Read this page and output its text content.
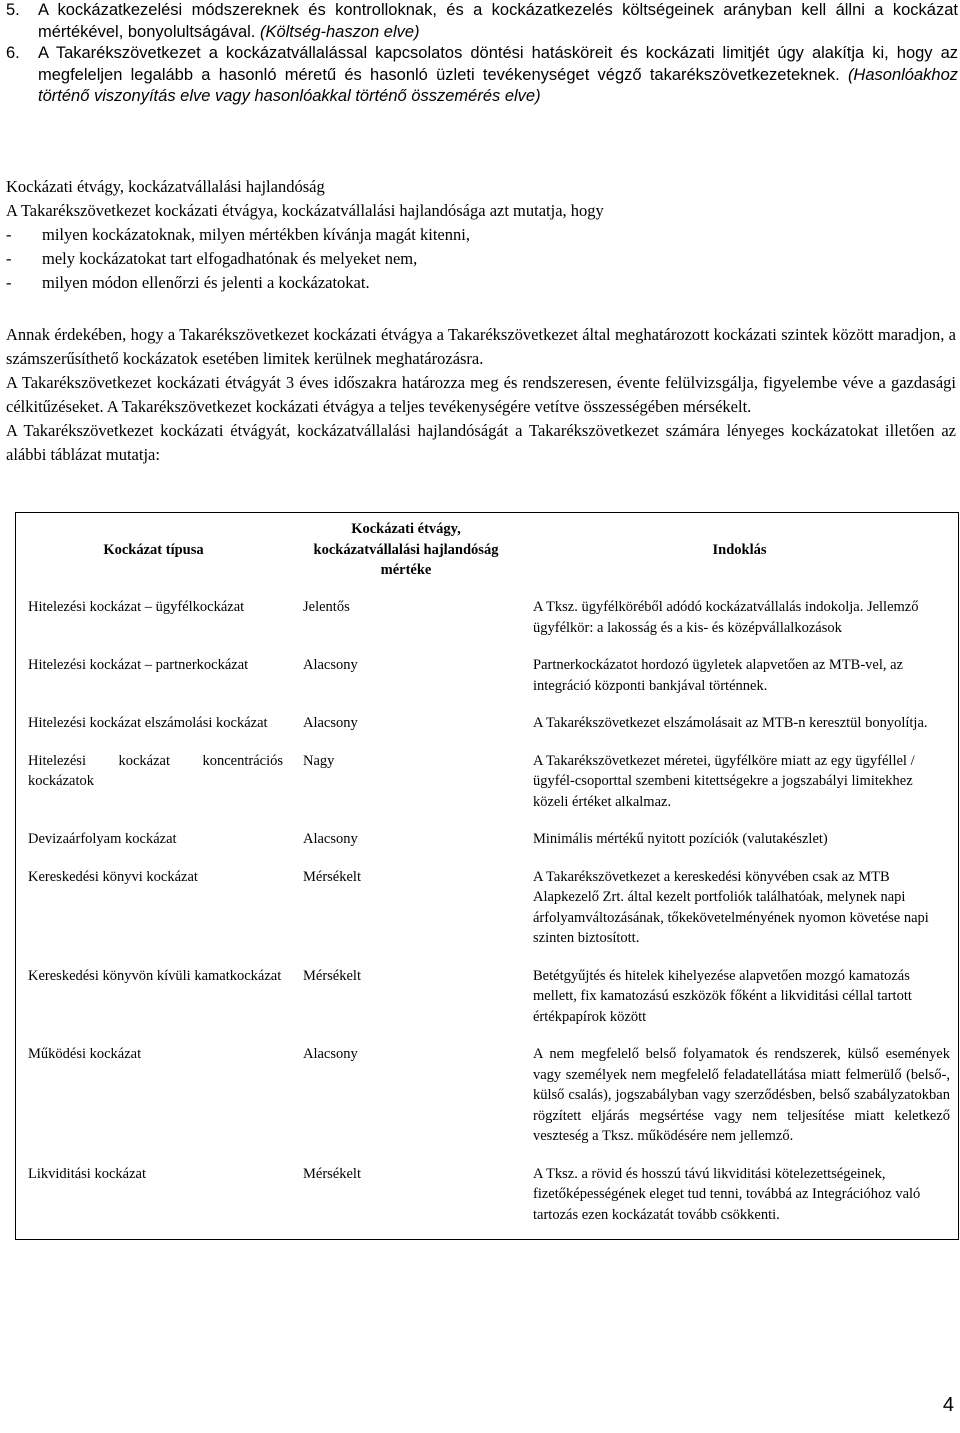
5.	A kockázatkezelési módszereknek és kontrolloknak, és a kockázatkezelés költségeinek arányban kell állni a kockázat mértékével, bonyolultságával. (Költség-haszon elve)
6.	A Takarékszövetkezet a kockázatvállalással kapcsolatos döntési hatásköreit és kockázati limitjét úgy alakítja ki, hogy az megfeleljen legalább a hasonló méretű és hasonló üzleti tevékenységet végző takarékszövetkezeteknek. (Hasonlóakhoz történő viszonyítás elve vagy hasonlóakkal történő összemérés elve)
Kockázati étvágy, kockázatvállalási hajlandóság
A Takarékszövetkezet kockázati étvágya, kockázatvállalási hajlandósága azt mutatja, hogy
-	milyen kockázatoknak, milyen mértékben kívánja magát kitenni,
-	mely kockázatokat tart elfogadhatónak és melyeket nem,
-	milyen módon ellenőrzi és jelenti a kockázatokat.
Annak érdekében, hogy a Takarékszövetkezet kockázati étvágya a Takarékszövetkezet által meghatározott kockázati szintek között maradjon, a számszerűsíthető kockázatok esetében limitek kerülnek meghatározásra.
A Takarékszövetkezet kockázati étvágyát 3 éves időszakra határozza meg és rendszeresen, évente felülvizsgálja, figyelembe véve a gazdasági célkitűzéseket. A Takarékszövetkezet kockázati étvágya a teljes tevékenységére vetítve összességében mérsékelt.
A Takarékszövetkezet kockázati étvágyát, kockázatvállalási hajlandóságát a Takarékszövetkezet számára lényeges kockázatokat illetően az alábbi táblázat mutatja:
Kockázat típusa	Kockázati étvágy, kockázatvállalási hajlandóság mértéke	Indoklás
Hitelezési kockázat – ügyfélkockázat	Jelentős	A Tksz. ügyfélköréből adódó kockázatvállalás indokolja. Jellemző ügyfélkör: a lakosság és a kis- és középvállalkozások
Hitelezési kockázat – partnerkockázat	Alacsony	Partnerkockázatot hordozó ügyletek alapvetően az MTB-vel, az integráció központi bankjával történnek.
Hitelezési kockázat elszámolási kockázat	Alacsony	A Takarékszövetkezet elszámolásait az MTB-n keresztül bonyolítja.
Hitelezési kockázat koncentrációs kockázatok	Nagy	A Takarékszövetkezet méretei, ügyfélköre miatt az egy ügyféllel / ügyfél-csoporttal szembeni kitettségekre a jogszabályi limitekhez közeli értéket alkalmaz.
Devizaárfolyam kockázat	Alacsony	Minimális mértékű nyitott pozíciók (valutakészlet)
Kereskedési könyvi kockázat	Mérsékelt	A Takarékszövetkezet a kereskedési könyvében csak az MTB Alapkezelő Zrt. által kezelt portfoliók találhatóak, melynek napi árfolyamváltozásának, tőkekövetelményének nyomon követése napi szinten biztosított.
Kereskedési könyvön kívüli kamatkockázat	Mérsékelt	Betétgyűjtés és hitelek kihelyezése alapvetően mozgó kamatozás mellett, fix kamatozású eszközök főként a likviditási céllal tartott értékpapírok között
Működési kockázat	Alacsony	A nem megfelelő belső folyamatok és rendszerek, külső események vagy személyek nem megfelelő feladatellátása miatt felmerülő (belső-, külső csalás), jogszabályban vagy szerződésben, belső szabályzatokban rögzített eljárás megsértése vagy nem teljesítése miatt keletkező veszteség a Tksz. működésére nem jellemző.
Likviditási kockázat	Mérsékelt	A Tksz. a rövid és hosszú távú likviditási kötelezettségeinek, fizetőképességének eleget tud tenni, továbbá az Integrációhoz való tartozás ezen kockázatát tovább csökkenti.
4
